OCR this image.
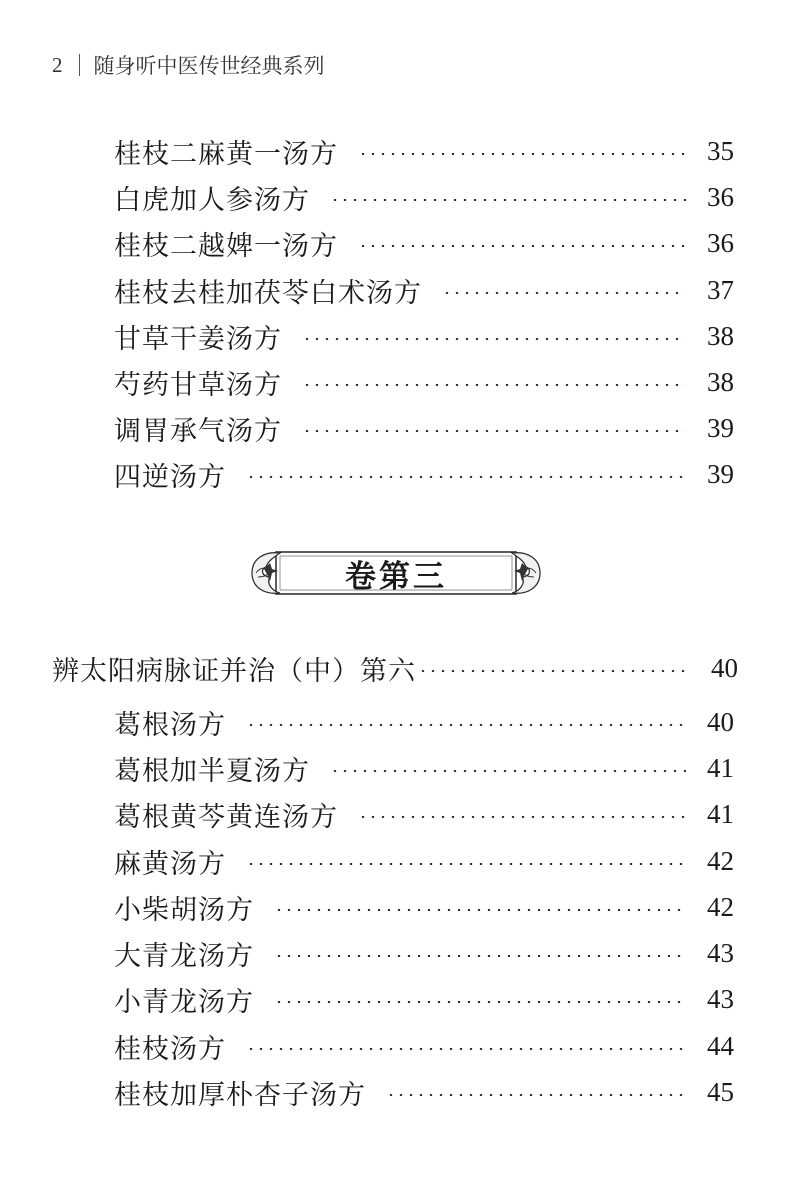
2 随身听中医传世经典系列
桂枝二麻黄一汤方	35
白虎加人参汤方	36
桂枝二越婢一汤方	36
桂枝去桂加茯苓白术汤方	37
甘草干姜汤方	38
芍药甘草汤方	38
调胃承气汤方	39
四逆汤方	39
卷第三
辨太阳病脉证并治（中）第六	40
葛根汤方	40
葛根加半夏汤方	41
葛根黄芩黄连汤方	41
麻黄汤方	42
小柴胡汤方	42
大青龙汤方	43
小青龙汤方	43
桂枝汤方	44
桂枝加厚朴杏子汤方	45
